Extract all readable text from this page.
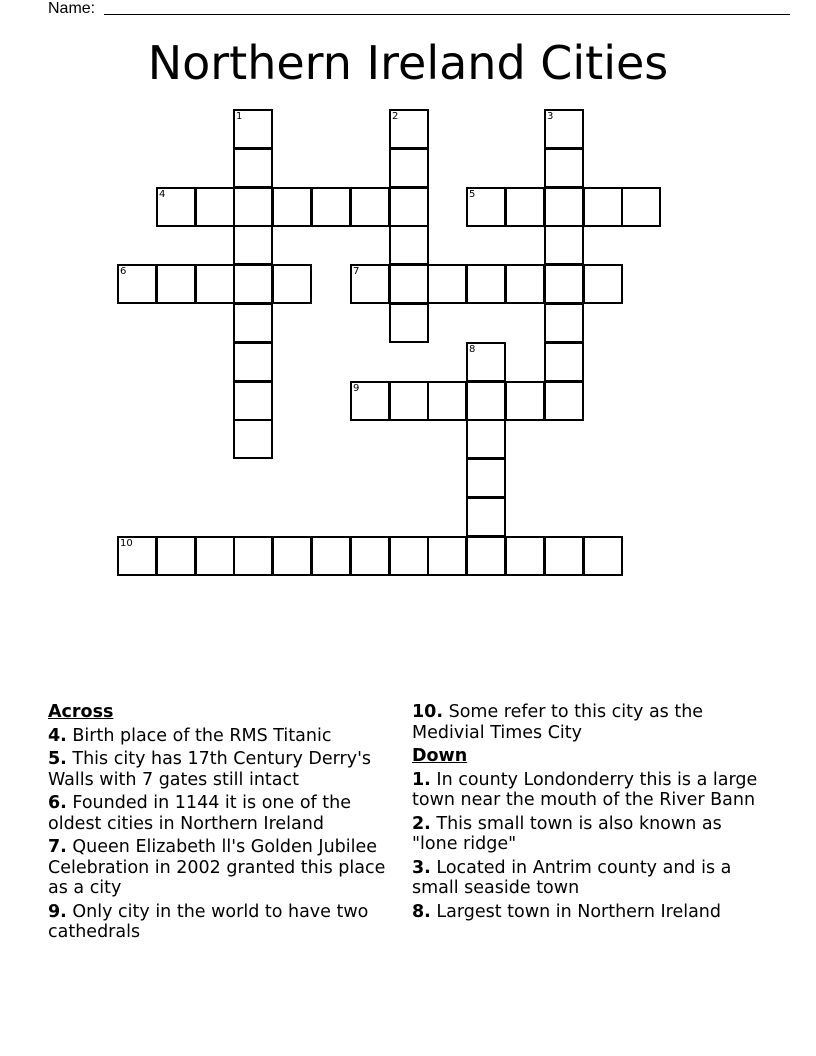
Name:
Northern Ireland Cities
1	2	3
4	5
6	7
8
9
10
Across
4. Birth place of the RMS Titanic
5. This city has 17th Century Derry's Walls with 7 gates still intact
6. Founded in 1144 it is one of the oldest cities in Northern Ireland
7. Queen Elizabeth ll's Golden Jubilee Celebration in 2002 granted this place as a city
9. Only city in the world to have two cathedrals
10. Some refer to this city as the Medivial Times City
Down
1. In county Londonderry this is a large town near the mouth of the River Bann
2. This small town is also known as "lone ridge"
3. Located in Antrim county and is a small seaside town
8. Largest town in Northern Ireland
